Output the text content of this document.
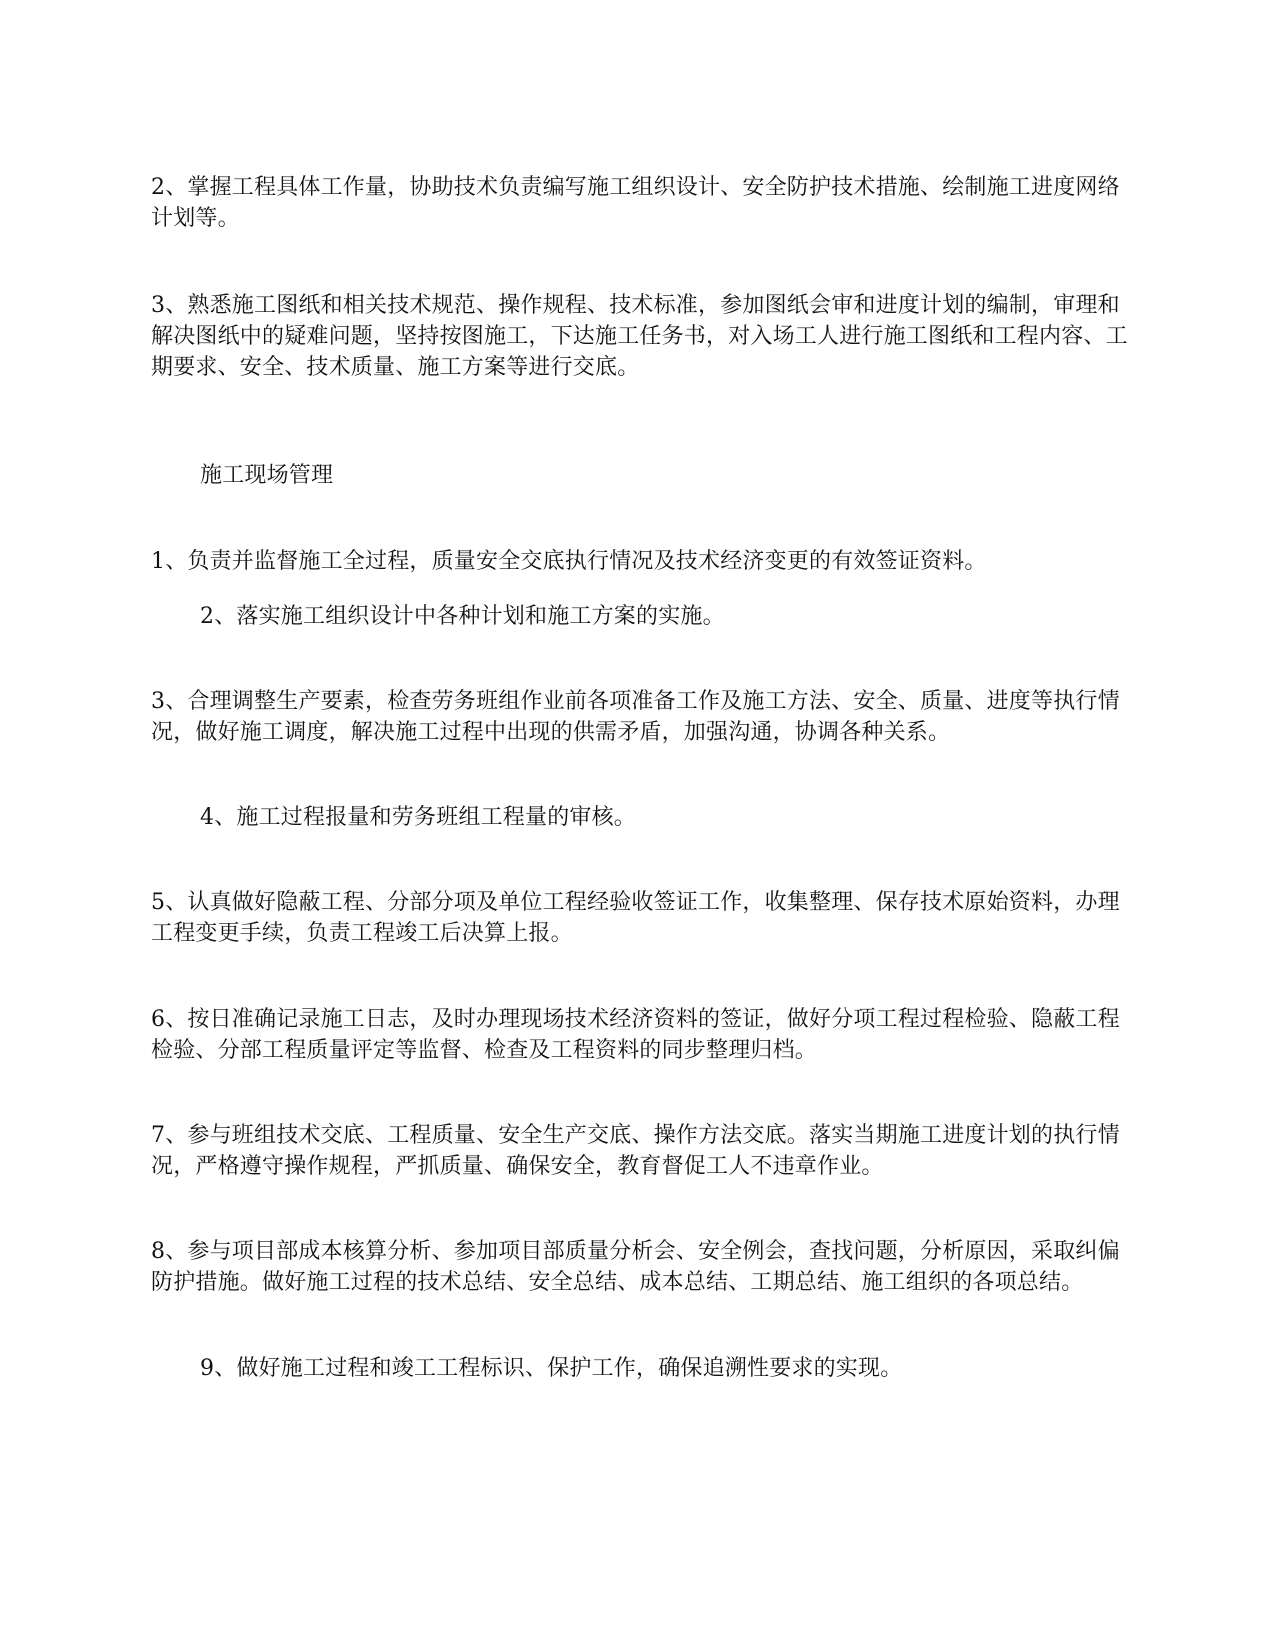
2、掌握工程具体工作量，协助技术负责编写施工组织设计、安全防护技术措施、绘制施工进度网络计划等。

3、熟悉施工图纸和相关技术规范、操作规程、技术标准，参加图纸会审和进度计划的编制，审理和解决图纸中的疑难问题，坚持按图施工，下达施工任务书，对入场工人进行施工图纸和工程内容、工期要求、安全、技术质量、施工方案等进行交底。

施工现场管理

1、负责并监督施工全过程，质量安全交底执行情况及技术经济变更的有效签证资料。

2、落实施工组织设计中各种计划和施工方案的实施。

3、合理调整生产要素，检查劳务班组作业前各项准备工作及施工方法、安全、质量、进度等执行情况，做好施工调度，解决施工过程中出现的供需矛盾，加强沟通，协调各种关系。

4、施工过程报量和劳务班组工程量的审核。

5、认真做好隐蔽工程、分部分项及单位工程经验收签证工作，收集整理、保存技术原始资料，办理工程变更手续，负责工程竣工后决算上报。

6、按日准确记录施工日志，及时办理现场技术经济资料的签证，做好分项工程过程检验、隐蔽工程检验、分部工程质量评定等监督、检查及工程资料的同步整理归档。

7、参与班组技术交底、工程质量、安全生产交底、操作方法交底。落实当期施工进度计划的执行情况，严格遵守操作规程，严抓质量、确保安全，教育督促工人不违章作业。

8、参与项目部成本核算分析、参加项目部质量分析会、安全例会，查找问题，分析原因，采取纠偏防护措施。做好施工过程的技术总结、安全总结、成本总结、工期总结、施工组织的各项总结。

9、做好施工过程和竣工工程标识、保护工作，确保追溯性要求的实现。
